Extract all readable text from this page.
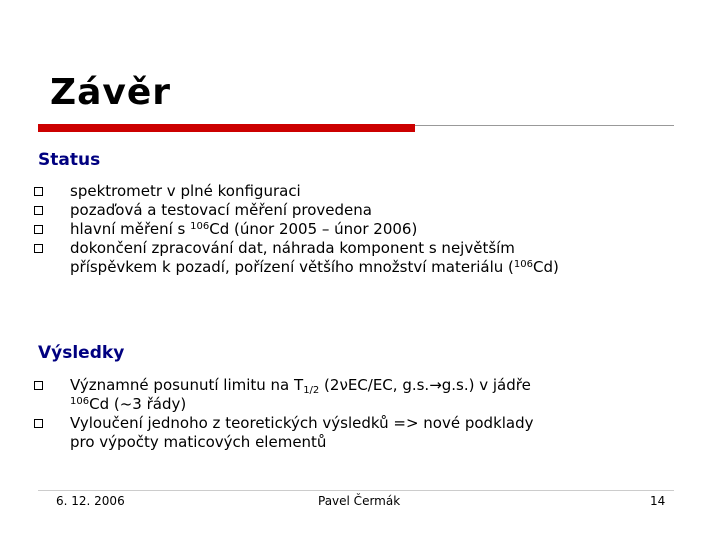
Závěr
Status
spektrometr v plné konfiguraci
pozaďová a testovací měření provedena
hlavní měření s $^{106}$Cd (únor 2005 – únor 2006)
dokončení zpracování dat, náhrada komponent s největším
příspěvkem k pozadí, pořízení většího množství materiálu ($^{106}$Cd)
Výsledky
Významné posunutí limitu na $T_{1/2}$ (2νEC/EC, g.s.→g.s.) v jádře
$^{106}$Cd (~3 řády)
Vyloučení jednoho z teoretických výsledků => nové podklady
pro výpočty maticových elementů
6. 12. 2006	Pavel Čermák	14
